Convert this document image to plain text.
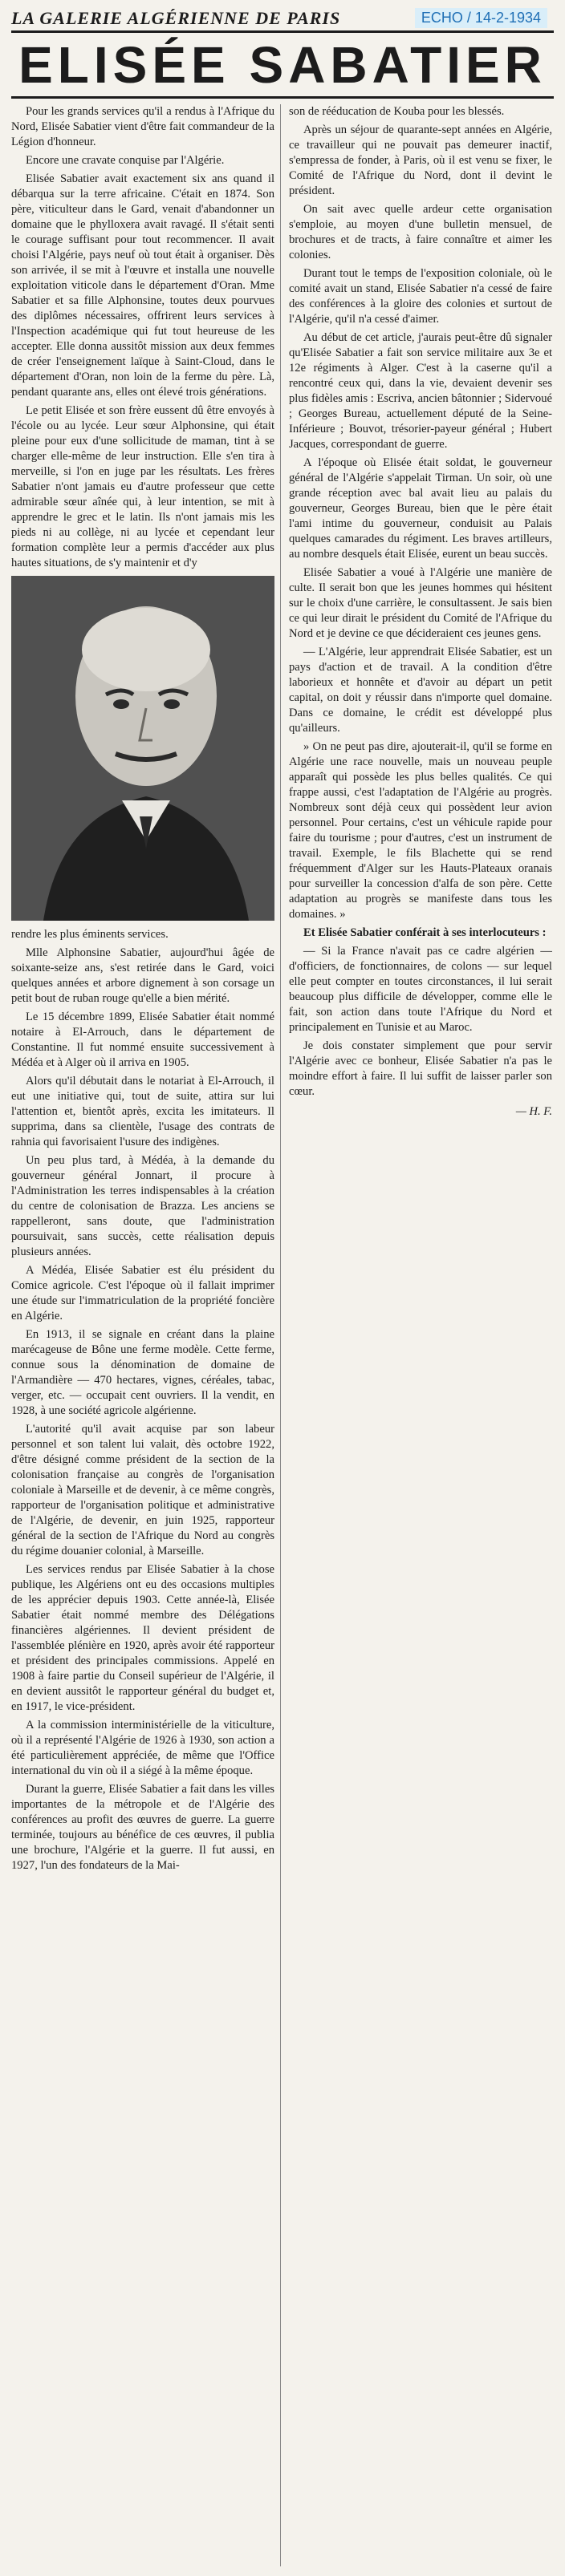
LA GALERIE ALGÉRIENNE DE PARIS	ECHO / 14-2-1934
ELISÉE SABATIER

Pour les grands services qu'il a rendus à l'Afrique du Nord, Elisée Sabatier vient d'être fait commandeur de la Légion d'honneur.

Encore une cravate conquise par l'Algérie.

Elisée Sabatier avait exactement six ans quand il débarqua sur la terre africaine. C'était en 1874. Son père, viticulteur dans le Gard, venait d'abandonner un domaine que le phylloxera avait ravagé. Il s'était senti le courage suffisant pour tout recommencer. Il avait choisi l'Algérie, pays neuf où tout était à organiser. Dès son arrivée, il se mit à l'œuvre et installa une nouvelle exploitation viticole dans le département d'Oran. Mme Sabatier et sa fille Alphonsine, toutes deux pourvues des diplômes nécessaires, offrirent leurs services à l'Inspection académique qui fut tout heureuse de les accepter. Elle donna aussitôt mission aux deux femmes de créer l'enseignement laïque à Saint-Cloud, dans le département d'Oran, non loin de la ferme du père. Là, pendant quarante ans, elles ont élevé trois générations.

Le petit Elisée et son frère eussent dû être envoyés à l'école ou au lycée. Leur sœur Alphonsine, qui était pleine pour eux d'une sollicitude de maman, tint à se charger elle-même de leur instruction. Elle s'en tira à merveille, si l'on en juge par les résultats. Les frères Sabatier n'ont jamais eu d'autre professeur que cette admirable sœur aînée qui, à leur intention, se mit à apprendre le grec et le latin. Ils n'ont jamais mis les pieds ni au collège, ni au lycée et cependant leur formation complète leur a permis d'accéder aux plus hautes situations, de s'y maintenir et d'y

rendre les plus éminents services.

Mlle Alphonsine Sabatier, aujourd'hui âgée de soixante-seize ans, s'est retirée dans le Gard, voici quelques années et arbore dignement à son corsage un petit bout de ruban rouge qu'elle a bien mérité.

Le 15 décembre 1899, Elisée Sabatier était nommé notaire à El-Arrouch, dans le département de Constantine. Il fut nommé ensuite successivement à Médéa et à Alger où il arriva en 1905.

Alors qu'il débutait dans le notariat à El-Arrouch, il eut une initiative qui, tout de suite, attira sur lui l'attention et, bientôt après, excita les imitateurs. Il supprima, dans sa clientèle, l'usage des contrats de rahnia qui favorisaient l'usure des indigènes.

Un peu plus tard, à Médéa, à la demande du gouverneur général Jonnart, il procure à l'Administration les terres indispensables à la création du centre de colonisation de Brazza. Les anciens se rappelleront, sans doute, que l'administration poursuivait, sans succès, cette réalisation depuis plusieurs années.

A Médéa, Elisée Sabatier est élu président du Comice agricole. C'est l'époque où il fallait imprimer une étude sur l'immatriculation de la propriété foncière en Algérie.

En 1913, il se signale en créant dans la plaine marécageuse de Bône une ferme modèle. Cette ferme, connue sous la dénomination de domaine de l'Armandière — 470 hectares, vignes, céréales, tabac, verger, etc. — occupait cent ouvriers. Il la vendit, en 1928, à une société agricole algérienne.

L'autorité qu'il avait acquise par son labeur personnel et son talent lui valait, dès octobre 1922, d'être désigné comme président de la section de la colonisation française au congrès de l'organisation coloniale à Marseille et de devenir, à ce même congrès, rapporteur de l'organisation politique et administrative de l'Algérie, de devenir, en juin 1925, rapporteur général de la section de l'Afrique du Nord au congrès du régime douanier colonial, à Marseille.

Les services rendus par Elisée Sabatier à la chose publique, les Algériens ont eu des occasions multiples de les apprécier depuis 1903. Cette année-là, Elisée Sabatier était nommé membre des Délégations financières algériennes. Il devient président de l'assemblée plénière en 1920, après avoir été rapporteur et président des principales commissions. Appelé en 1908 à faire partie du Conseil supérieur de l'Algérie, il en devient aussitôt le rapporteur général du budget et, en 1917, le vice-président.

A la commission interministérielle de la viticulture, où il a représenté l'Algérie de 1926 à 1930, son action a été particulièrement appréciée, de même que l'Office international du vin où il a siégé à la même époque.

Durant la guerre, Elisée Sabatier a fait dans les villes importantes de la métropole et de l'Algérie des conférences au profit des œuvres de guerre. La guerre terminée, toujours au bénéfice de ces œuvres, il publia une brochure, l'Algérie et la guerre. Il fut aussi, en 1927, l'un des fondateurs de la Mai-

son de rééducation de Kouba pour les blessés.

Après un séjour de quarante-sept années en Algérie, ce travailleur qui ne pouvait pas demeurer inactif, s'empressa de fonder, à Paris, où il est venu se fixer, le Comité de l'Afrique du Nord, dont il devint le président.

On sait avec quelle ardeur cette organisation s'emploie, au moyen d'une bulletin mensuel, de brochures et de tracts, à faire connaître et aimer les colonies.

Durant tout le temps de l'exposition coloniale, où le comité avait un stand, Elisée Sabatier n'a cessé de faire des conférences à la gloire des colonies et surtout de l'Algérie, qu'il n'a cessé d'aimer.

Au début de cet article, j'aurais peut-être dû signaler qu'Elisée Sabatier a fait son service militaire aux 3e et 12e régiments à Alger. C'est à la caserne qu'il a rencontré ceux qui, dans la vie, devaient devenir ses plus fidèles amis : Escriva, ancien bâtonnier ; Sidervoué ; Georges Bureau, actuellement député de la Seine-Inférieure ; Bouvot, trésorier-payeur général ; Hubert Jacques, correspondant de guerre.

A l'époque où Elisée était soldat, le gouverneur général de l'Algérie s'appelait Tirman. Un soir, où une grande réception avec bal avait lieu au palais du gouverneur, Georges Bureau, bien que le père était l'ami intime du gouverneur, conduisit au Palais quelques camarades du régiment. Les braves artilleurs, au nombre desquels était Elisée, eurent un beau succès.

Elisée Sabatier a voué à l'Algérie une manière de culte. Il serait bon que les jeunes hommes qui hésitent sur le choix d'une carrière, le consultassent. Je sais bien ce qui leur dirait le président du Comité de l'Afrique du Nord et je devine ce que décideraient ces jeunes gens.

— L'Algérie, leur apprendrait Elisée Sabatier, est un pays d'action et de travail. A la condition d'être laborieux et honnête et d'avoir au départ un petit capital, on doit y réussir dans n'importe quel domaine. Dans ce domaine, le crédit est développé plus qu'ailleurs.

» On ne peut pas dire, ajouterait-il, qu'il se forme en Algérie une race nouvelle, mais un nouveau peuple apparaît qui possède les plus belles qualités. Ce qui frappe aussi, c'est l'adaptation de l'Algérie au progrès. Nombreux sont déjà ceux qui possèdent leur avion personnel. Pour certains, c'est un véhicule rapide pour faire du tourisme ; pour d'autres, c'est un instrument de travail. Exemple, le fils Blachette qui se rend fréquemment d'Alger sur les Hauts-Plateaux oranais pour surveiller la concession d'alfa de son père. Cette adaptation au progrès se manifeste dans tous les domaines. »

Et Elisée Sabatier conférait à ses interlocuteurs :

— Si la France n'avait pas ce cadre algérien — d'officiers, de fonctionnaires, de colons — sur lequel elle peut compter en toutes circonstances, il lui serait beaucoup plus difficile de développer, comme elle le fait, son action dans toute l'Afrique du Nord et principalement en Tunisie et au Maroc.

Je dois constater simplement que pour servir l'Algérie avec ce bonheur, Elisée Sabatier n'a pas le moindre effort à faire. Il lui suffit de laisser parler son cœur.

— H. F.
